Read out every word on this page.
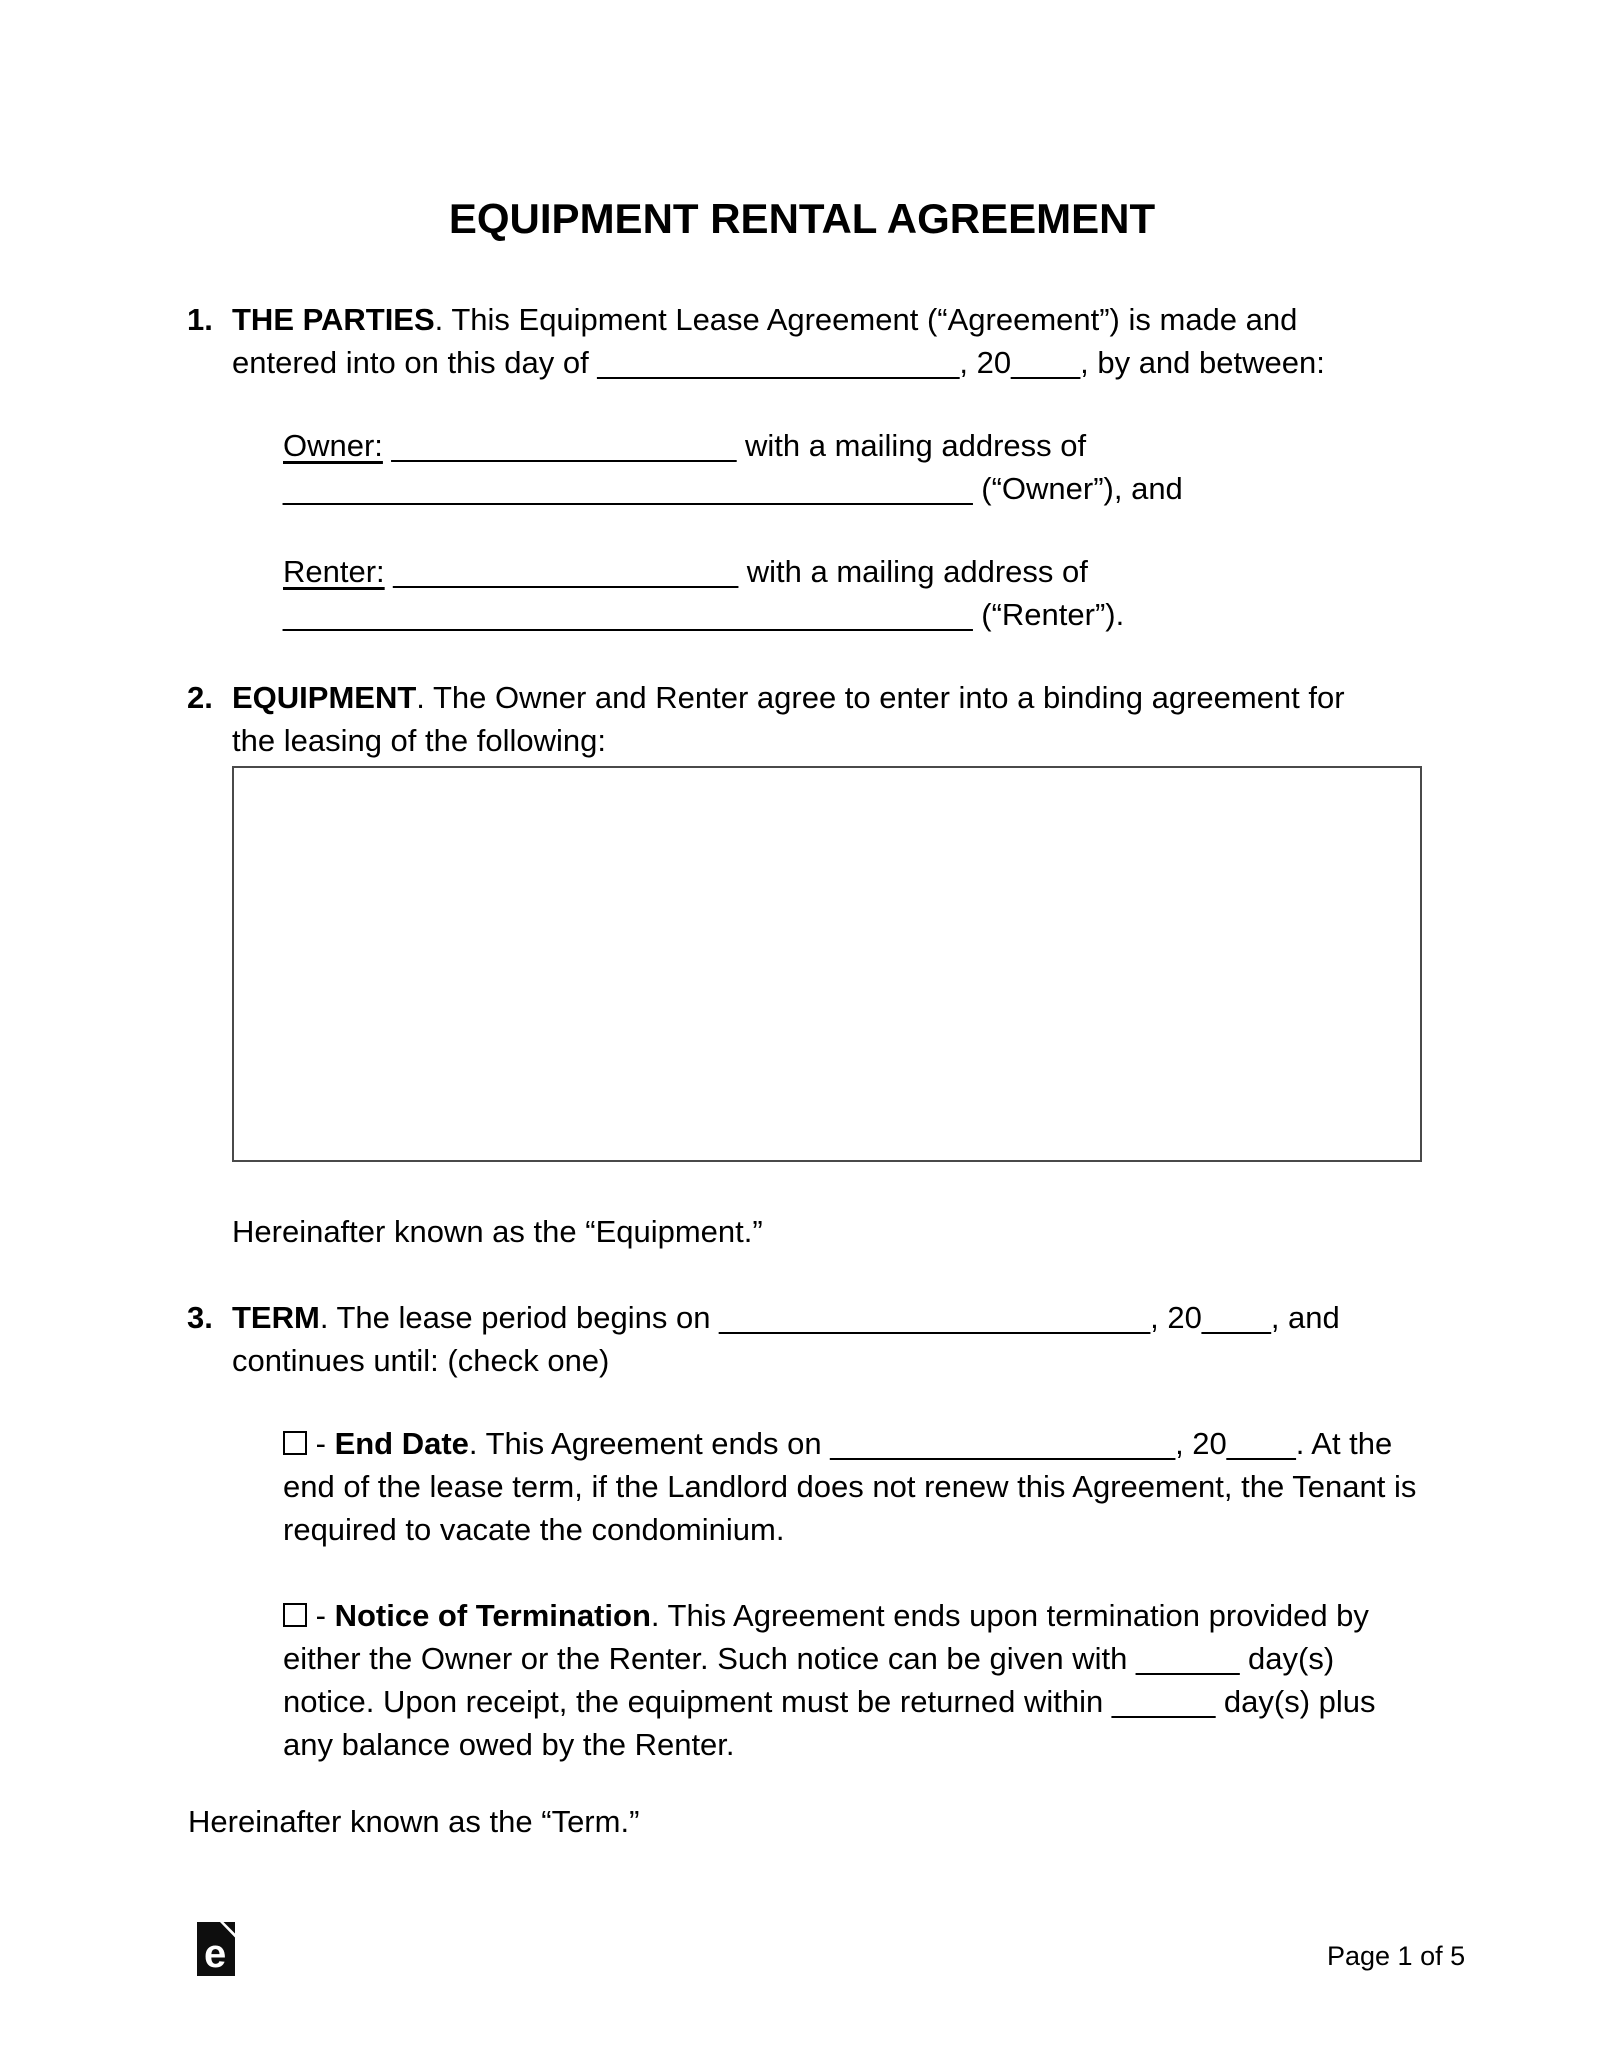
EQUIPMENT RENTAL AGREEMENT

1. THE PARTIES. This Equipment Lease Agreement (“Agreement”) is made and entered into on this day of _____________________, 20____, by and between:

Owner: ____________________ with a mailing address of ________________________________________ (“Owner”), and

Renter: ____________________ with a mailing address of ________________________________________ (“Renter”).

2. EQUIPMENT. The Owner and Renter agree to enter into a binding agreement for the leasing of the following:

Hereinafter known as the “Equipment.”

3. TERM. The lease period begins on _________________________, 20____, and continues until: (check one)

- End Date. This Agreement ends on ____________________, 20____. At the end of the lease term, if the Landlord does not renew this Agreement, the Tenant is required to vacate the condominium.

- Notice of Termination. This Agreement ends upon termination provided by either the Owner or the Renter. Such notice can be given with ______ day(s) notice. Upon receipt, the equipment must be returned within ______ day(s) plus any balance owed by the Renter.

Hereinafter known as the “Term.”

e	Page 1 of 5
